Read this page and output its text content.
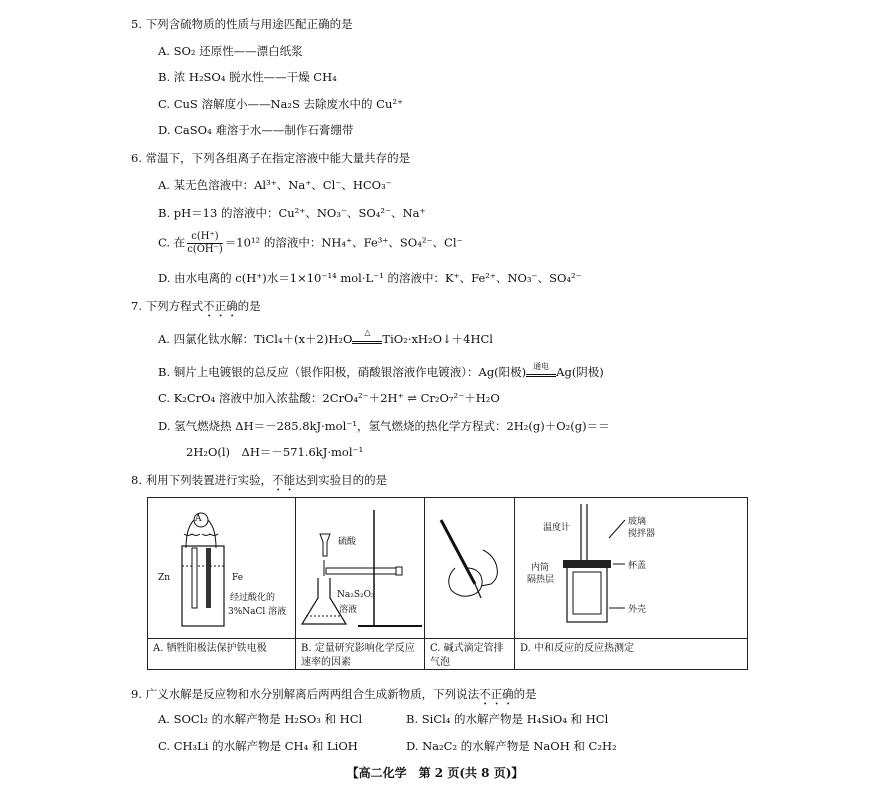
5. 下列含硫物质的性质与用途匹配正确的是
A. SO₂ 还原性——漂白纸浆
B. 浓 H₂SO₄ 脱水性——干燥 CH₄
C. CuS 溶解度小——Na₂S 去除废水中的 Cu²⁺
D. CaSO₄ 难溶于水——制作石膏绷带
6. 常温下，下列各组离子在指定溶液中能大量共存的是
A. 某无色溶液中：Al³⁺、Na⁺、Cl⁻、HCO₃⁻
B. pH＝13 的溶液中：Cu²⁺、NO₃⁻、SO₄²⁻、Na⁺
C. 在 $\frac{c(H^+)}{c(OH^-)} =10^{12}$ 的溶液中：NH₄⁺、Fe³⁺、SO₄²⁻、Cl⁻
D. 由水电离的 c(H⁺)水＝1×10⁻¹⁴ mol·L⁻¹ 的溶液中：K⁺、Fe²⁺、NO₃⁻、SO₄²⁻
7. 下列方程式不正确的是
A. 四氯化钛水解：TiCl₄＋(x＋2)H₂O	△	TiO₂·xH₂O↓＋4HCl
B. 铜片上电镀银的总反应（银作阳极，硝酸银溶液作电镀液）：Ag(阳极) 通电 Ag(阴极)
C. K₂CrO₄ 溶液中加入浓盐酸：2CrO₄²⁻＋2H⁺ ⇌ Cr₂O₇²⁻＋H₂O
D. 氢气燃烧热 ΔH＝－285.8kJ·mol⁻¹，氢气燃烧的热化学方程式：2H₂(g)＋O₂(g)＝＝
2H₂O(l)　ΔH＝－571.6kJ·mol⁻¹
8. 利用下列装置进行实验，不能达到实验目的的是
A
Zn	Fe
经过酸化的
3%NaCl 溶液
A. 牺牲阳极法保护铁电极
硫酸
Na₂S₂O₃
溶液
B. 定量研究影响化学反应速率的因素
C. 碱式滴定管排气泡
温度计
玻璃
搅拌器
内筒
隔热层
杯盖
外壳
D. 中和反应的反应热测定
9. 广义水解是反应物和水分别解离后两两组合生成新物质，下列说法不正确的是
A. SOCl₂ 的水解产物是 H₂SO₃ 和 HCl	B. SiCl₄ 的水解产物是 H₄SiO₄ 和 HCl
C. CH₃Li 的水解产物是 CH₄ 和 LiOH	D. Na₂C₂ 的水解产物是 NaOH 和 C₂H₂
【高二化学　第 2 页(共 8 页)】
